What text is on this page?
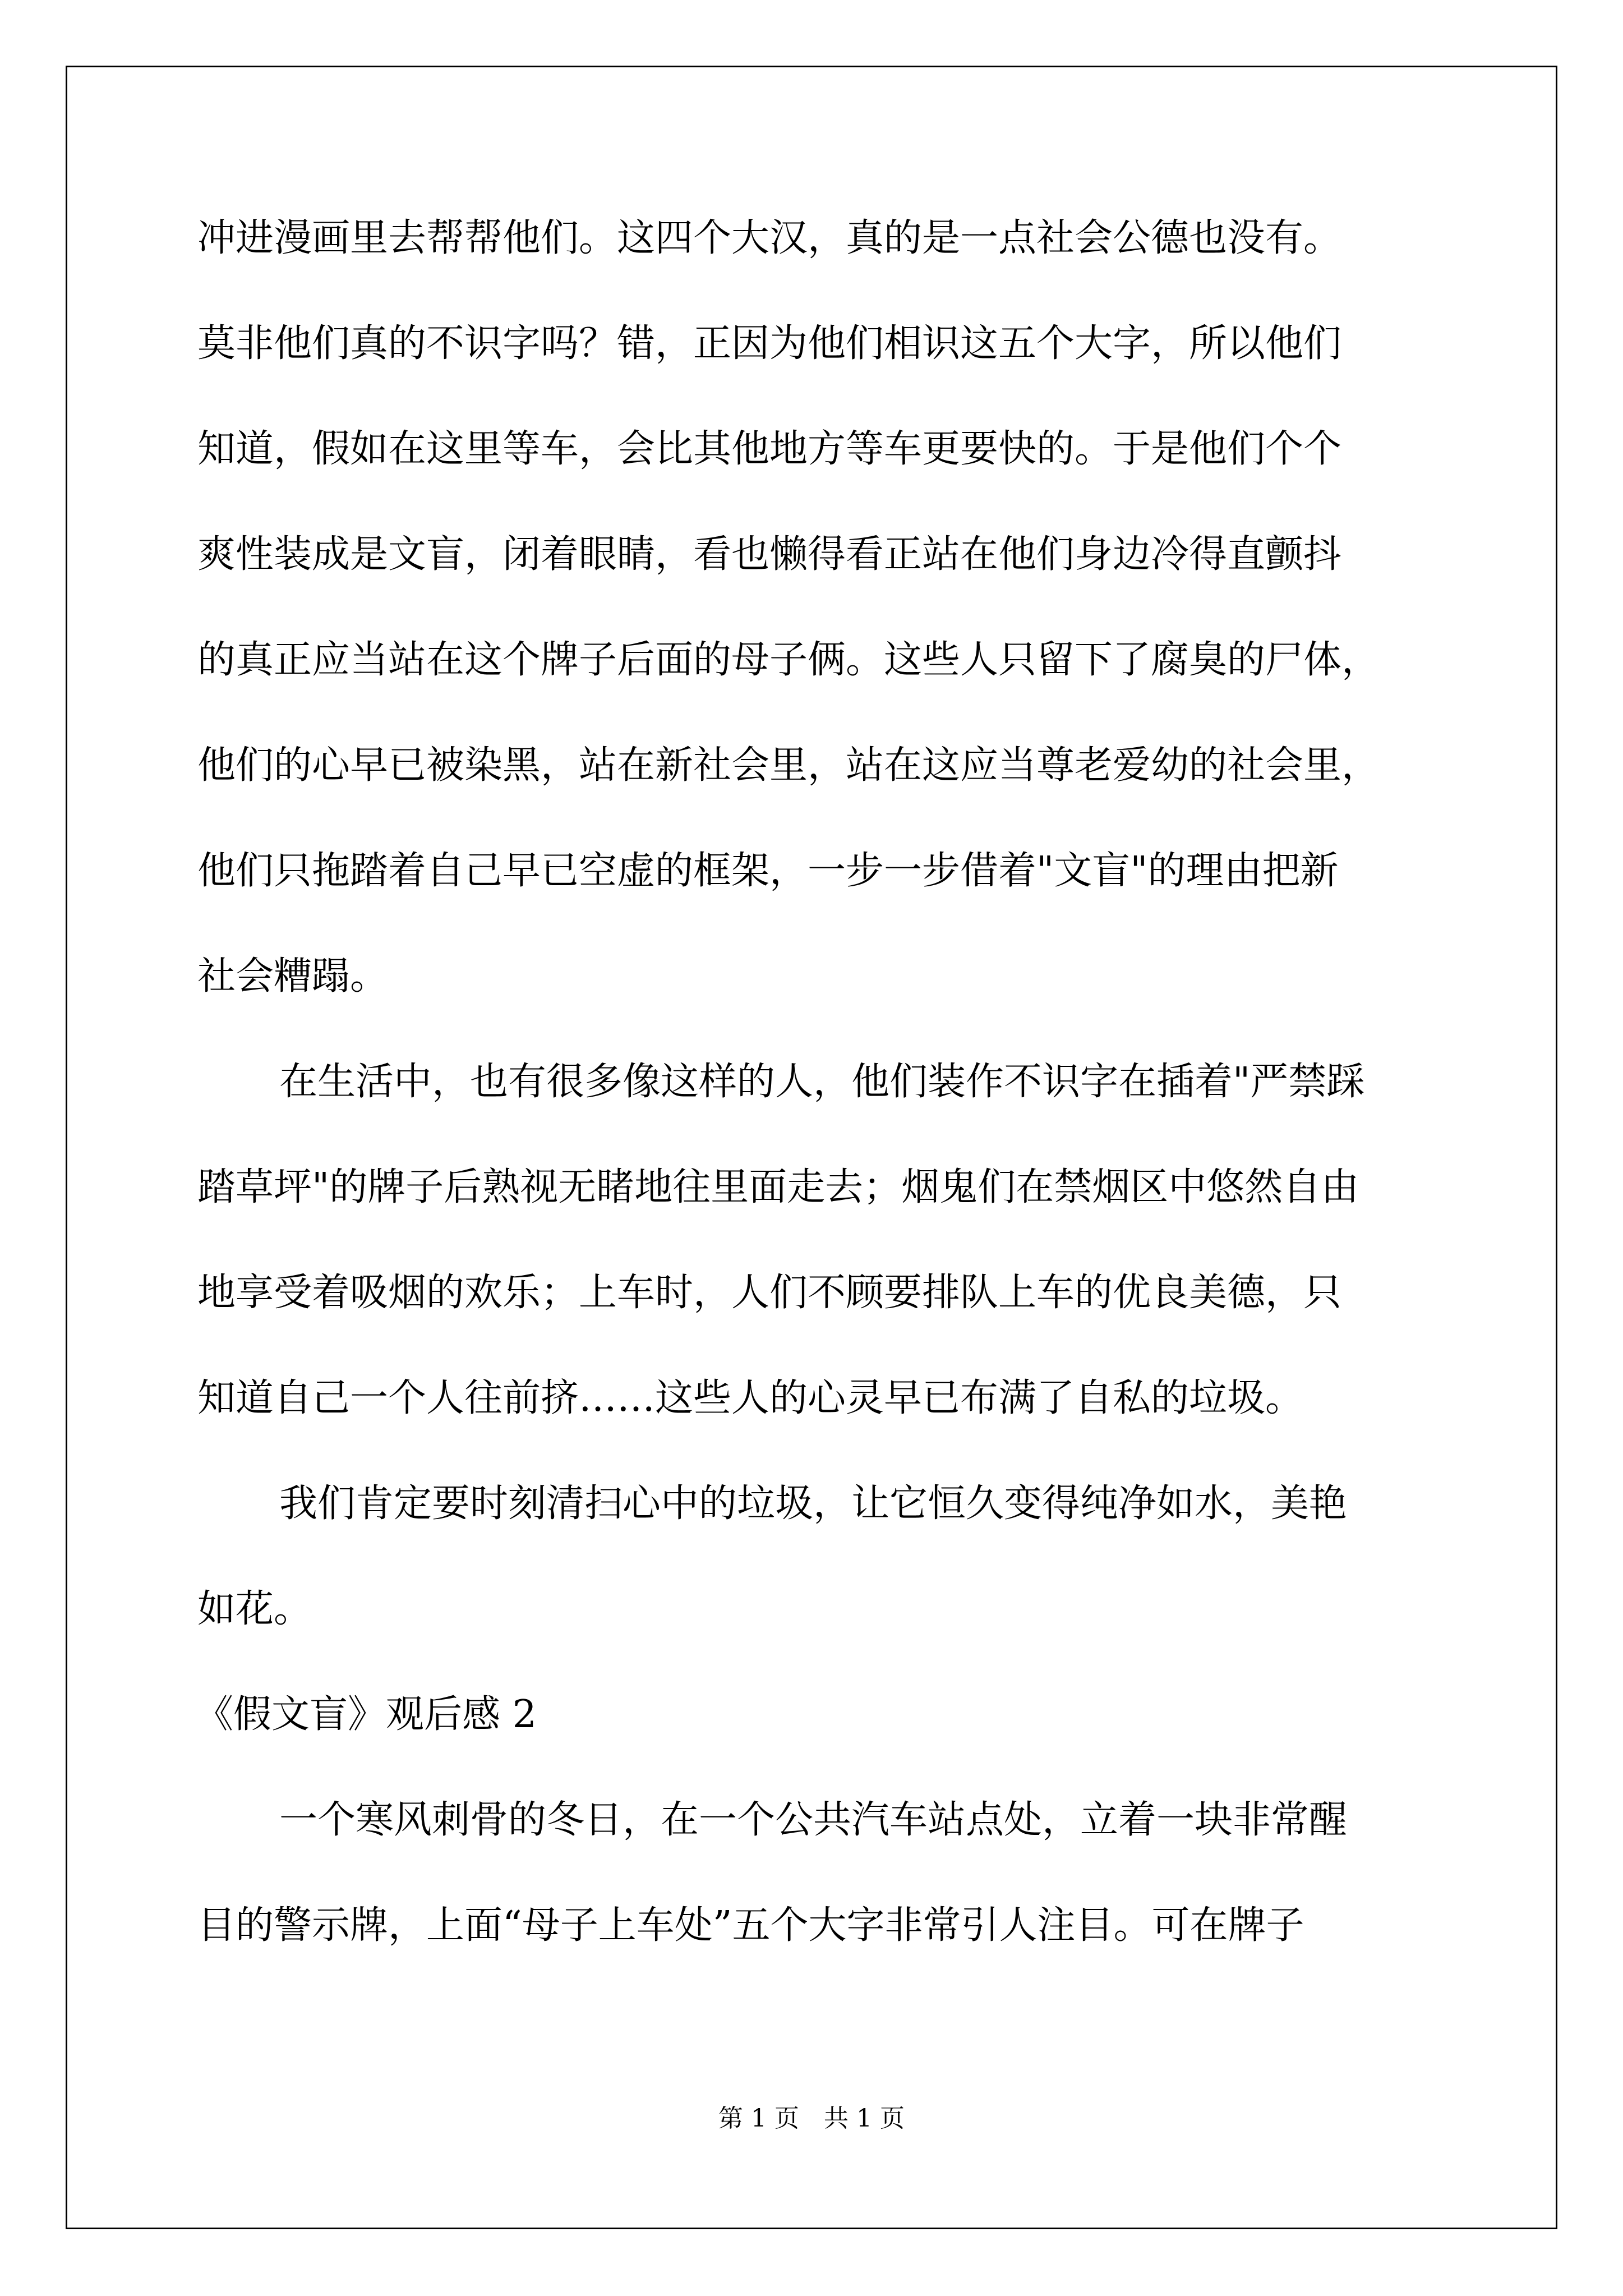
冲进漫画里去帮帮他们。这四个大汉，真的是一点社会公德也没有。
莫非他们真的不识字吗？错，正因为他们相识这五个大字，所以他们
知道，假如在这里等车，会比其他地方等车更要快的。于是他们个个
爽性装成是文盲，闭着眼睛，看也懒得看正站在他们身边冷得直颤抖
的真正应当站在这个牌子后面的母子俩。这些人只留下了腐臭的尸体，
他们的心早已被染黑，站在新社会里，站在这应当尊老爱幼的社会里，
他们只拖踏着自己早已空虚的框架，一步一步借着"文盲"的理由把新
社会糟蹋。
在生活中，也有很多像这样的人，他们装作不识字在插着"严禁踩
踏草坪"的牌子后熟视无睹地往里面走去；烟鬼们在禁烟区中悠然自由
地享受着吸烟的欢乐；上车时，人们不顾要排队上车的优良美德，只
知道自己一个人往前挤……这些人的心灵早已布满了自私的垃圾。
我们肯定要时刻清扫心中的垃圾，让它恒久变得纯净如水，美艳
如花。
《假文盲》观后感 2
一个寒风刺骨的冬日，在一个公共汽车站点处，立着一块非常醒
目的警示牌，上面“母子上车处”五个大字非常引人注目。可在牌子
第 1 页　共 1 页
